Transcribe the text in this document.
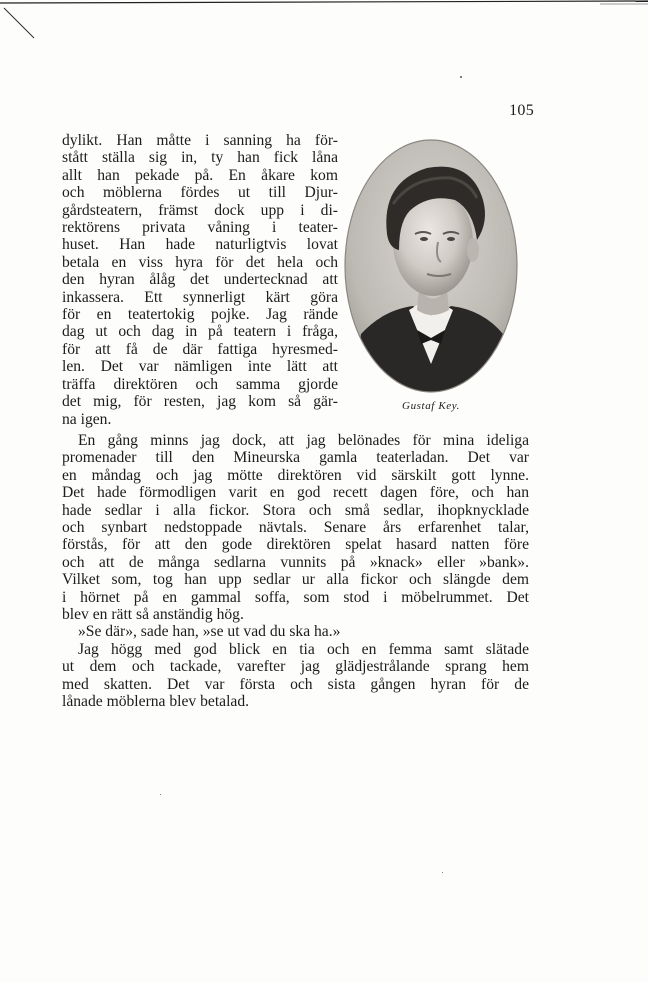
105
dylikt. Han måtte i sanning ha för-
stått ställa sig in, ty han fick låna
allt han pekade på. En åkare kom
och möblerna fördes ut till Djur-
gårdsteatern, främst dock upp i di-
rektörens privata våning i teater-
huset. Han hade naturligtvis lovat
betala en viss hyra för det hela och
den hyran ålåg det undertecknad att
inkassera. Ett synnerligt kärt göra
för en teatertokig pojke. Jag rände
dag ut och dag in på teatern i fråga,
för att få de där fattiga hyresmed-
len. Det var nämligen inte lätt att
träffa direktören och samma gjorde
det mig, för resten, jag kom så gär-
na igen.
Gustaf Key.
En gång minns jag dock, att jag belönades för mina ideliga
promenader till den Mineurska gamla teaterladan. Det var
en måndag och jag mötte direktören vid särskilt gott lynne.
Det hade förmodligen varit en god recett dagen före, och han
hade sedlar i alla fickor. Stora och små sedlar, ihopknycklade
och synbart nedstoppade nävtals. Senare års erfarenhet talar,
förstås, för att den gode direktören spelat hasard natten före
och att de många sedlarna vunnits på »knack» eller »bank».
Vilket som, tog han upp sedlar ur alla fickor och slängde dem
i hörnet på en gammal soffa, som stod i möbelrummet. Det
blev en rätt så anständig hög.
»Se där», sade han, »se ut vad du ska ha.»
Jag högg med god blick en tia och en femma samt slätade
ut dem och tackade, varefter jag glädjestrålande sprang hem
med skatten. Det var första och sista gången hyran för de
lånade möblerna blev betalad.
